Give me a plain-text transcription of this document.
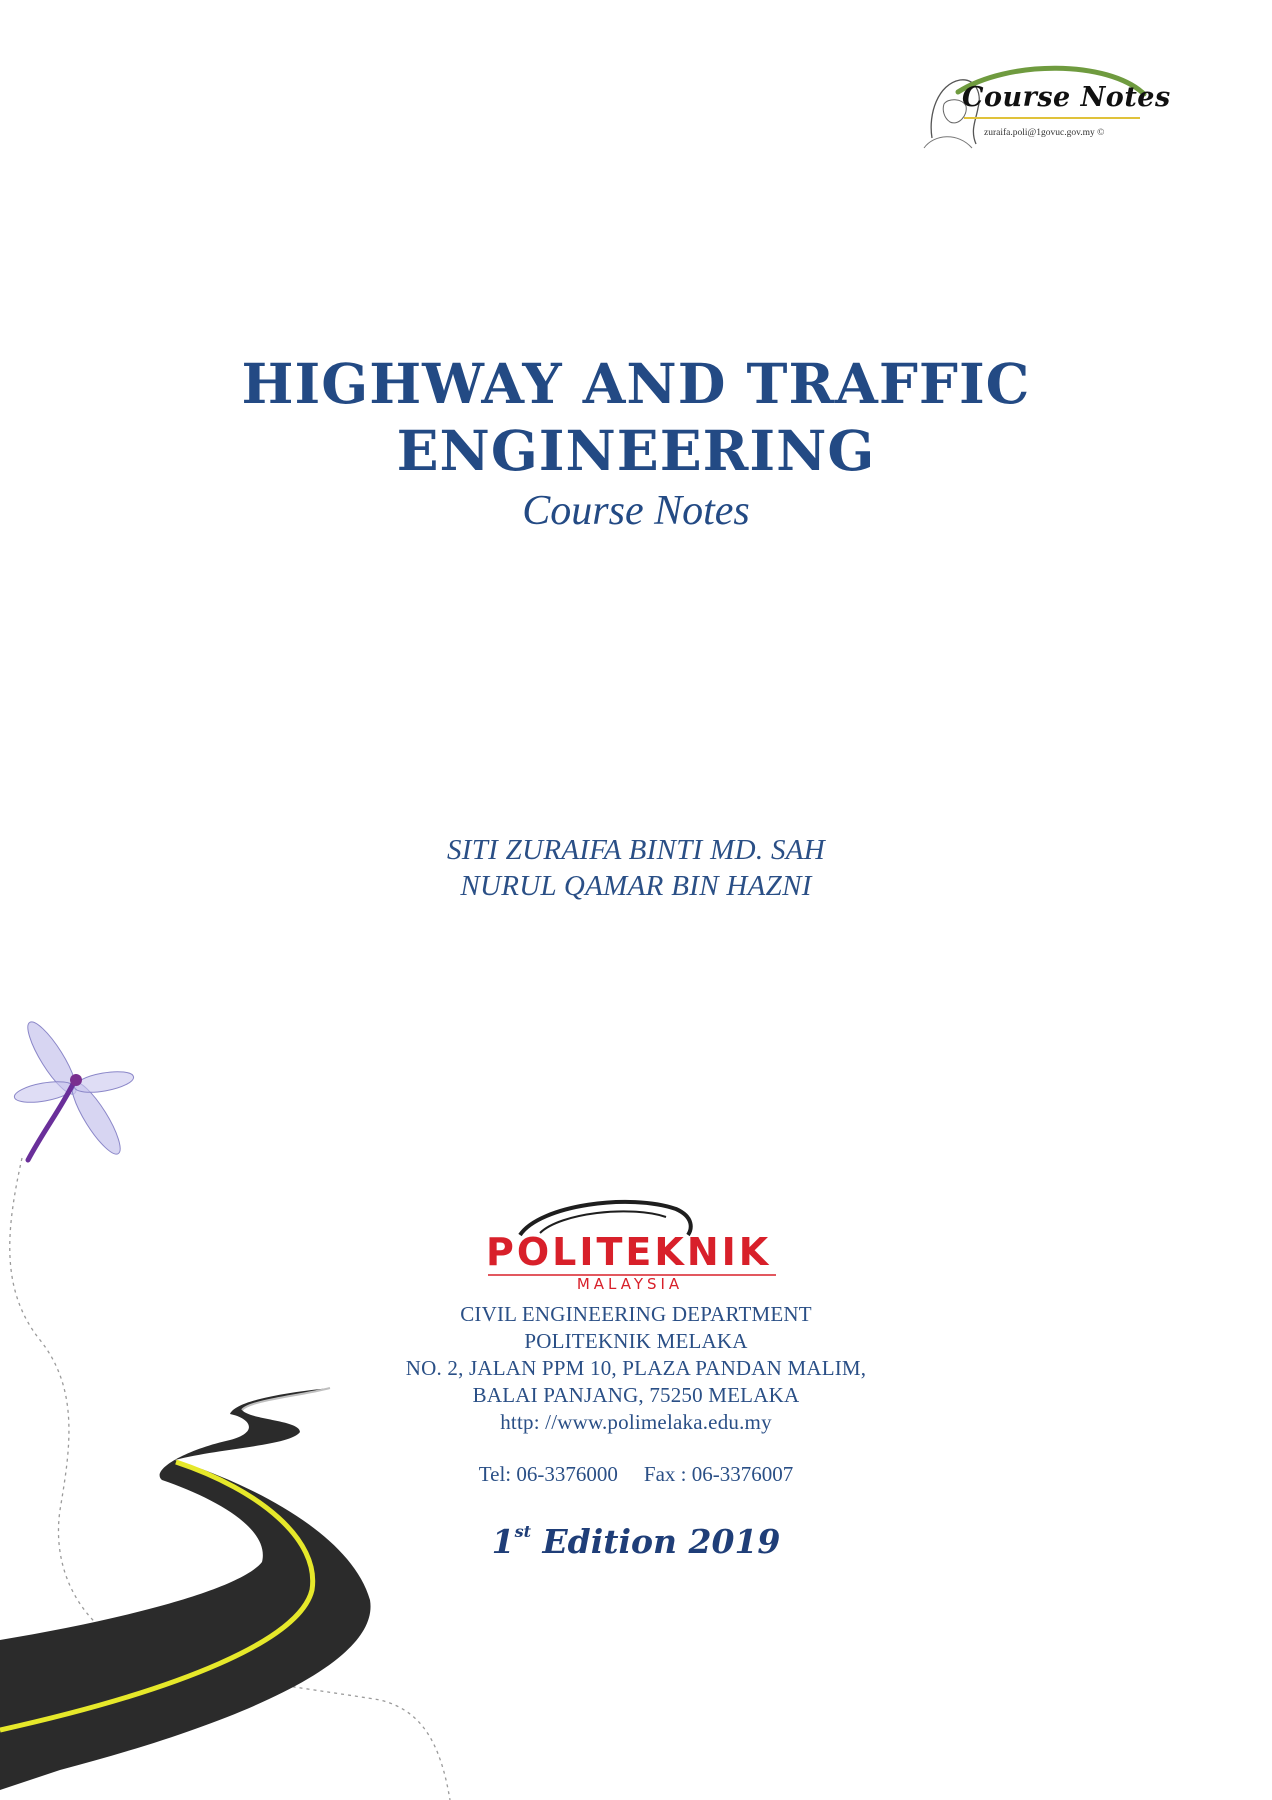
Course Notes
zuraifa.poli@1govuc.gov.my ©
HIGHWAY AND TRAFFIC
ENGINEERING
Course Notes
SITI ZURAIFA BINTI MD. SAH
NURUL QAMAR BIN HAZNI
POLITEKNIK
MALAYSIA
CIVIL ENGINEERING DEPARTMENT
POLITEKNIK MELAKA
NO. 2, JALAN PPM 10, PLAZA PANDAN MALIM,
BALAI PANJANG, 75250 MELAKA
http: //www.polimelaka.edu.my
Tel: 06-3376000 Fax : 06-3376007
1st Edition 2019
